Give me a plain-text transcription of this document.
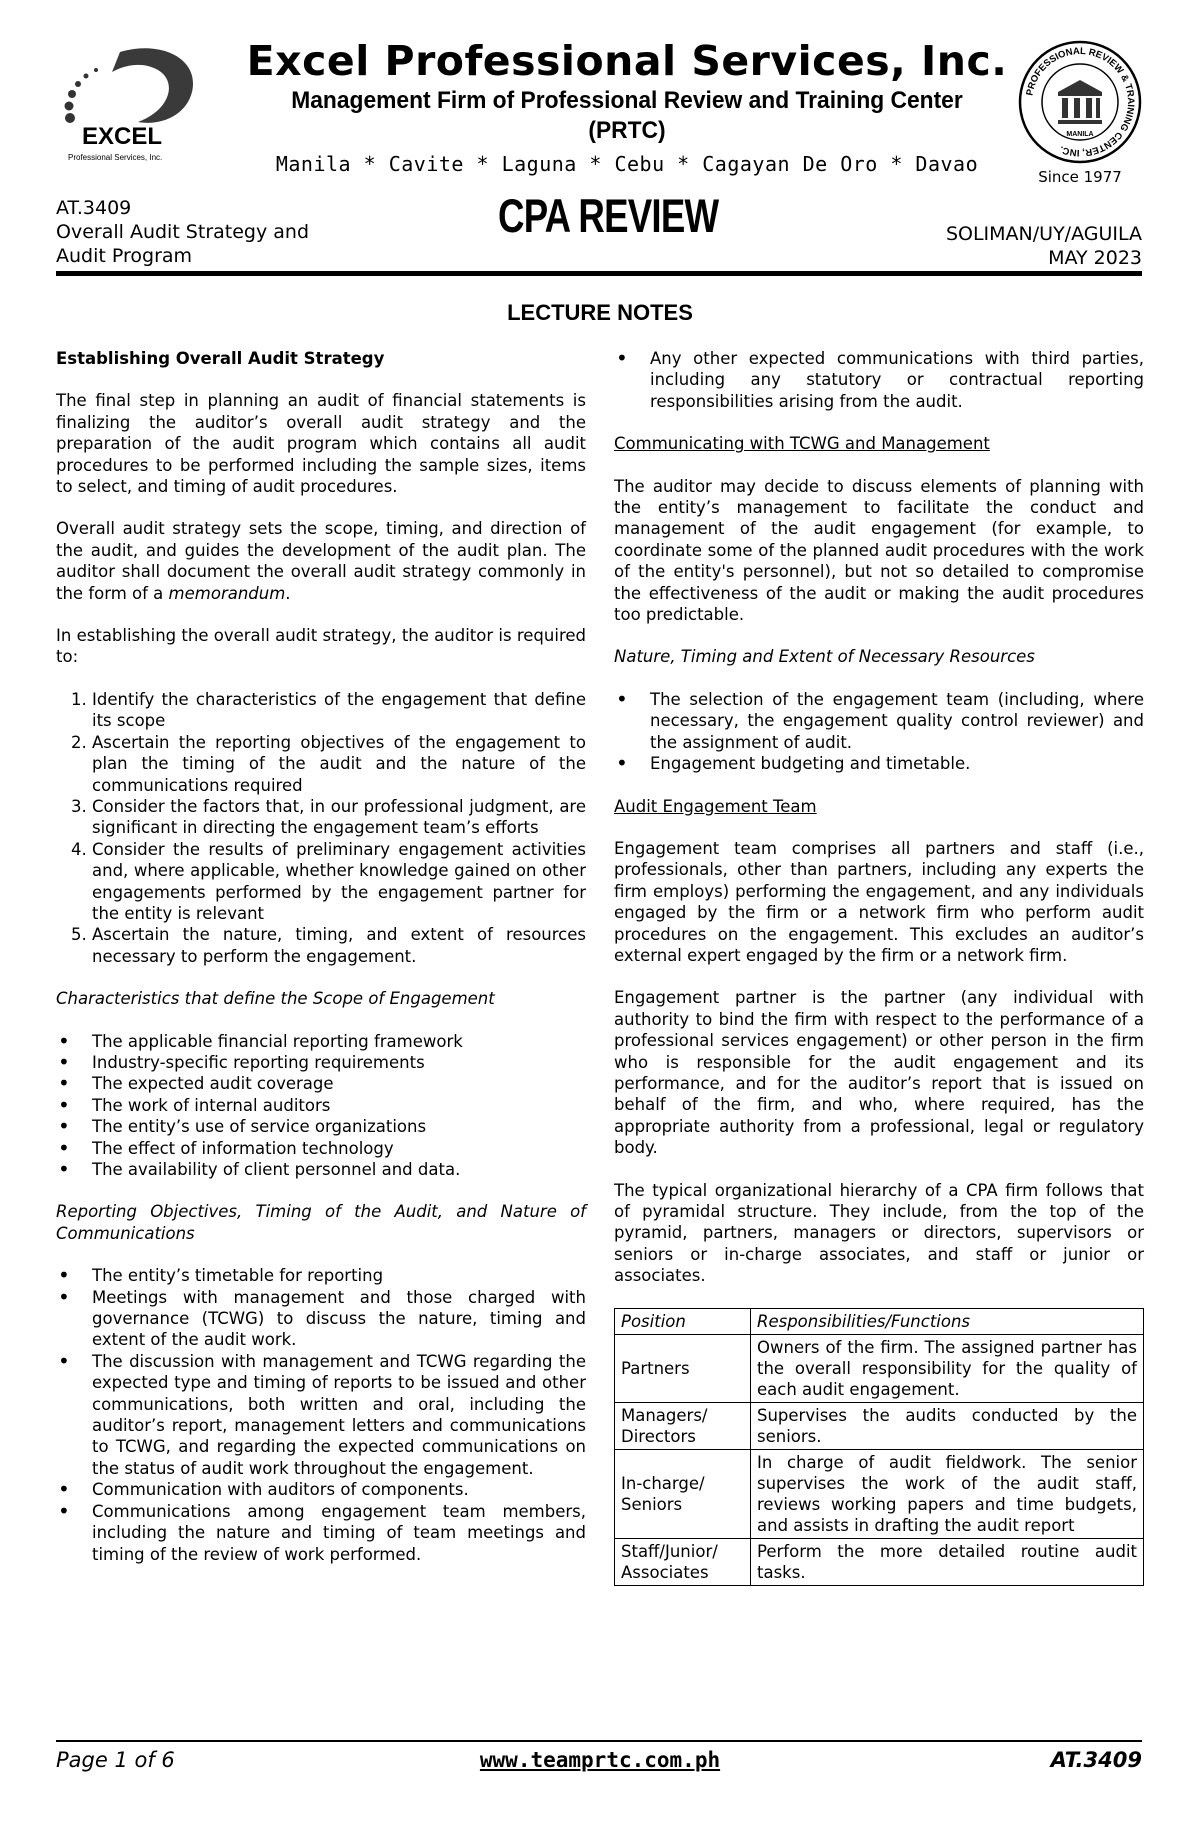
EXCEL
Professional Services, Inc.
Excel Professional Services, Inc.
Management Firm of Professional Review and Training Center (PRTC)
Manila * Cavite * Laguna * Cebu * Cagayan De Oro * Davao
PROFESSIONAL REVIEW & TRAINING CENTER, INC.
MANILA
Since 1977
AT.3409
Overall Audit Strategy and
Audit Program
CPA REVIEW	SOLIMAN/UY/AGUILA
MAY 2023
LECTURE NOTES
Establishing Overall Audit Strategy

The final step in planning an audit of financial statements is finalizing the auditor’s overall audit strategy and the preparation of the audit program which contains all audit procedures to be performed including the sample sizes, items to select, and timing of audit procedures.

Overall audit strategy sets the scope, timing, and direction of the audit, and guides the development of the audit plan. The auditor shall document the overall audit strategy commonly in the form of a memorandum.

In establishing the overall audit strategy, the auditor is required to:

1. Identify the characteristics of the engagement that define its scope
2. Ascertain the reporting objectives of the engagement to plan the timing of the audit and the nature of the communications required
3. Consider the factors that, in our professional judgment, are significant in directing the engagement team’s efforts
4. Consider the results of preliminary engagement activities and, where applicable, whether knowledge gained on other engagements performed by the engagement partner for the entity is relevant
5. Ascertain the nature, timing, and extent of resources necessary to perform the engagement.
Characteristics that define the Scope of Engagement
• The applicable financial reporting framework
• Industry-specific reporting requirements
• The expected audit coverage
• The work of internal auditors
• The entity’s use of service organizations
• The effect of information technology
• The availability of client personnel and data.
Reporting Objectives, Timing of the Audit, and Nature of Communications
• The entity’s timetable for reporting
• Meetings with management and those charged with governance (TCWG) to discuss the nature, timing and extent of the audit work.
• The discussion with management and TCWG regarding the expected type and timing of reports to be issued and other communications, both written and oral, including the auditor’s report, management letters and communications to TCWG, and regarding the expected communications on the status of audit work throughout the engagement.
• Communication with auditors of components.
• Communications among engagement team members, including the nature and timing of team meetings and timing of the review of work performed.
• Any other expected communications with third parties, including any statutory or contractual reporting responsibilities arising from the audit.
Communicating with TCWG and Management

The auditor may decide to discuss elements of planning with the entity’s management to facilitate the conduct and management of the audit engagement (for example, to coordinate some of the planned audit procedures with the work of the entity's personnel), but not so detailed to compromise the effectiveness of the audit or making the audit procedures too predictable.

Nature, Timing and Extent of Necessary Resources
• The selection of the engagement team (including, where necessary, the engagement quality control reviewer) and the assignment of audit.
• Engagement budgeting and timetable.
Audit Engagement Team

Engagement team comprises all partners and staff (i.e., professionals, other than partners, including any experts the firm employs) performing the engagement, and any individuals engaged by the firm or a network firm who perform audit procedures on the engagement. This excludes an auditor’s external expert engaged by the firm or a network firm.

Engagement partner is the partner (any individual with authority to bind the firm with respect to the performance of a professional services engagement) or other person in the firm who is responsible for the audit engagement and its performance, and for the auditor’s report that is issued on behalf of the firm, and who, where required, has the appropriate authority from a professional, legal or regulatory body.

The typical organizational hierarchy of a CPA firm follows that of pyramidal structure. They include, from the top of the pyramid, partners, managers or directors, supervisors or seniors or in-charge associates, and staff or junior or associates.

Position	Responsibilities/Functions
Partners	Owners of the firm. The assigned partner has the overall responsibility for the quality of each audit engagement.
Managers/ Directors	Supervises the audits conducted by the seniors.
In-charge/ Seniors	In charge of audit fieldwork. The senior supervises the work of the audit staff, reviews working papers and time budgets, and assists in drafting the audit report
Staff/Junior/ Associates	Perform the more detailed routine audit tasks.
Page 1 of 6	www.teamprtc.com.ph	AT.3409
